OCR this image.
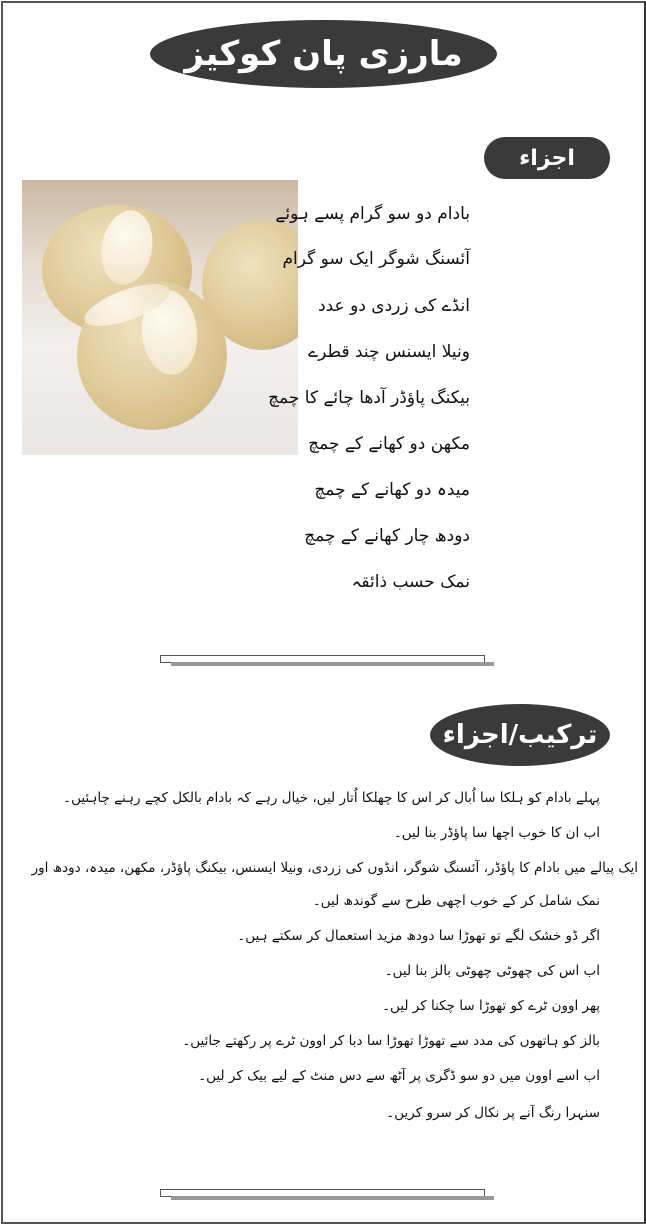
مارزی پان کوکیز
اجزاء
بادام دو سو گرام پسے ہوئے
آئسنگ شوگر ایک سو گرام
انڈے کی زردی دو عدد
ونیلا ایسنس چند قطرے
بیکنگ پاؤڈر آدھا چائے کا چمچ
مکھن دو کھانے کے چمچ
میدہ دو کھانے کے چمچ
دودھ چار کھانے کے چمچ
نمک حسب ذائقہ
ترکیب/اجزاء
پہلے بادام کو ہلکا سا اُبال کر اس کا چھلکا اُتار لیں، خیال رہے کہ بادام بالکل کچے رہنے چاہئیں۔
اب ان کا خوب اچھا سا پاؤڈر بنا لیں۔
ایک پیالے میں بادام کا پاؤڈر، آئسنگ شوگر، انڈوں کی زردی، ونیلا ایسنس، بیکنگ پاؤڈر، مکھن، میدہ، دودھ اور
نمک شامل کر کے خوب اچھی طرح سے گوندھ لیں۔
اگر ڈو خشک لگے تو تھوڑا سا دودھ مزید استعمال کر سکتے ہیں۔
اب اس کی چھوٹی چھوٹی بالز بنا لیں۔
پھر اوون ٹرے کو تھوڑا سا چکنا کر لیں۔
بالز کو ہاتھوں کی مدد سے تھوڑا تھوڑا سا دبا کر اوون ٹرے پر رکھتے جائیں۔
اب اسے اوون میں دو سو ڈگری پر آٹھ سے دس منٹ کے لیے بیک کر لیں۔
سنہرا رنگ آنے پر نکال کر سرو کریں۔
